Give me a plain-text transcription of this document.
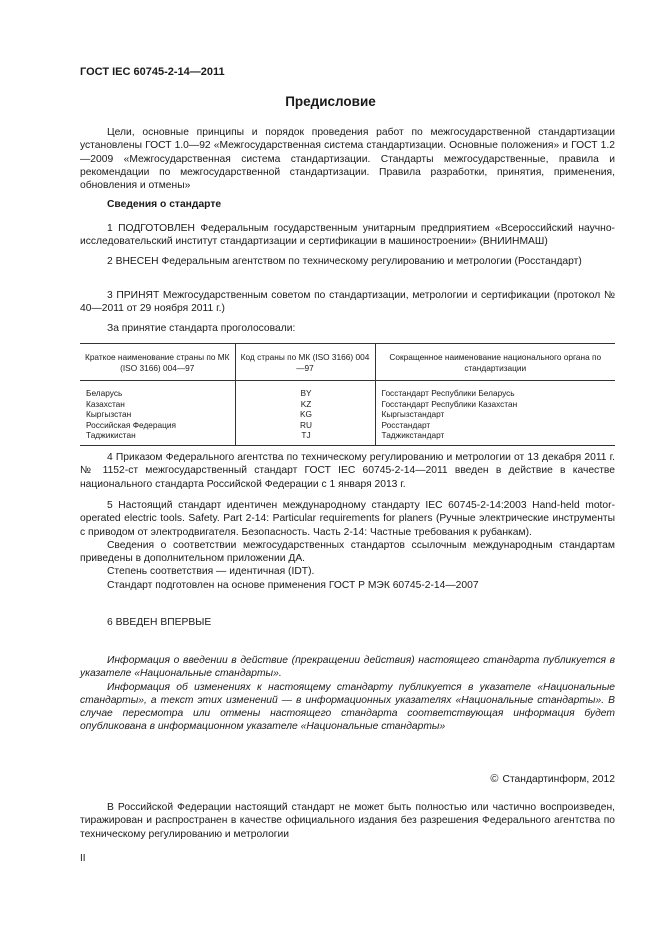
ГОСТ IEC 60745-2-14—2011
Предисловие

Цели, основные принципы и порядок проведения работ по межгосударственной стандартизации установлены ГОСТ 1.0—92 «Межгосударственная система стандартизации. Основные положения» и ГОСТ 1.2—2009 «Межгосударственная система стандартизации. Стандарты межгосударственные, правила и рекомендации по межгосударственной стандартизации. Правила разработки, принятия, применения, обновления и отмены»

Сведения о стандарте

1 ПОДГОТОВЛЕН Федеральным государственным унитарным предприятием «Всероссийский научно-исследовательский институт стандартизации и сертификации в машиностроении» (ВНИИНМАШ)

2 ВНЕСЕН Федеральным агентством по техническому регулированию и метрологии (Росстандарт)

3 ПРИНЯТ Межгосударственным советом по стандартизации, метрологии и сертификации (протокол № 40—2011 от 29 ноября 2011 г.)

За принятие стандарта проголосовали:

Краткое наименование страны по МК (ISO 3166) 004—97	Код страны по МК (ISO 3166) 004—97	Сокращенное наименование национального органа по стандартизации
Беларусь	BY	Госстандарт Республики Беларусь
Казахстан	KZ	Госстандарт Республики Казахстан
Кыргызстан	KG	Кыргызстандарт
Российская Федерация	RU	Росстандарт
Таджикистан	TJ	Таджикстандарт

4 Приказом Федерального агентства по техническому регулированию и метрологии от 13 декабря 2011 г. № 1152-ст межгосударственный стандарт ГОСТ IEC 60745-2-14—2011 введен в действие в качестве национального стандарта Российской Федерации с 1 января 2013 г.

5 Настоящий стандарт идентичен международному стандарту IEC 60745-2-14:2003 Hand-held motor-operated electric tools. Safety. Part 2-14: Particular requirements for planers (Ручные электрические инструменты с приводом от электродвигателя. Безопасность. Часть 2-14: Частные требования к рубанкам).

Сведения о соответствии межгосударственных стандартов ссылочным международным стандартам приведены в дополнительном приложении ДА.

Степень соответствия — идентичная (IDT).

Стандарт подготовлен на основе применения ГОСТ Р МЭК 60745-2-14—2007

6 ВВЕДЕН ВПЕРВЫЕ

Информация о введении в действие (прекращении действия) настоящего стандарта публикуется в указателе «Национальные стандарты».

Информация об изменениях к настоящему стандарту публикуется в указателе «Национальные стандарты», а текст этих изменений — в информационных указателях «Национальные стандарты». В случае пересмотра или отмены настоящего стандарта соответствующая информация будет опубликована в информационном указателе «Национальные стандарты»

© Стандартинформ, 2012

В Российской Федерации настоящий стандарт не может быть полностью или частично воспроизведен, тиражирован и распространен в качестве официального издания без разрешения Федерального агентства по техническому регулированию и метрологии

II
